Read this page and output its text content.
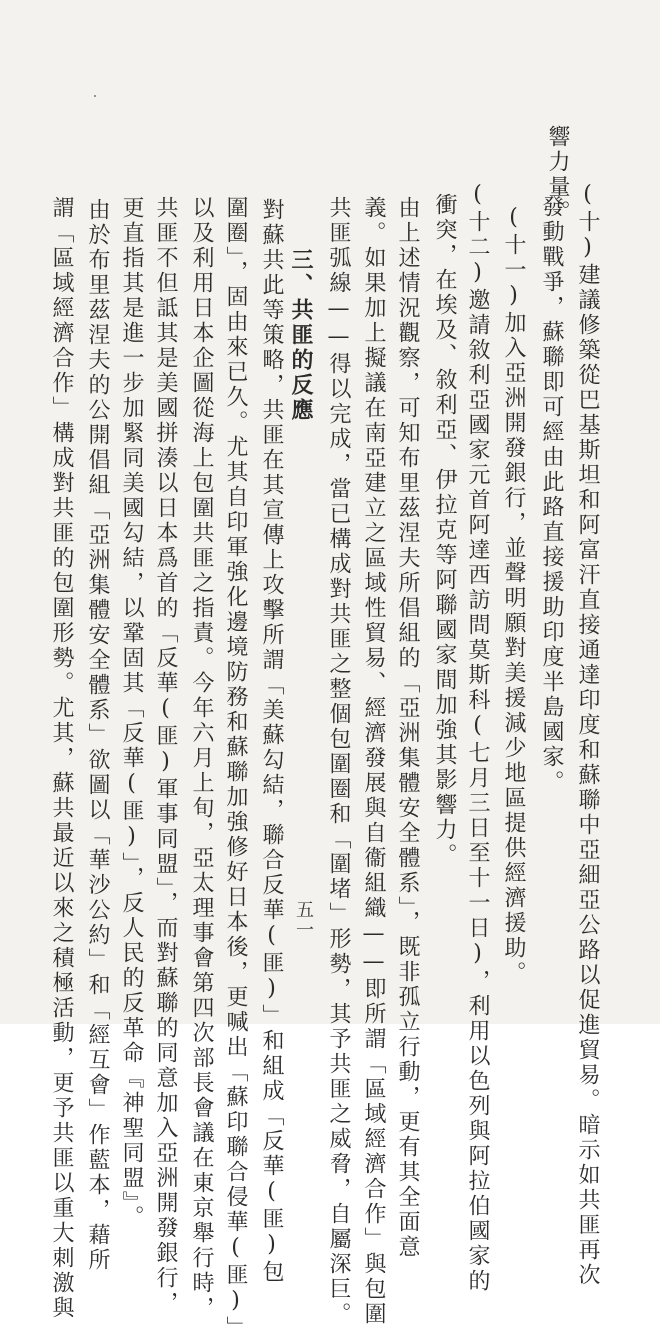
響力量。
(十)建議修築從巴基斯坦和阿富汗直接通達印度和蘇聯中亞細亞公路以促進貿易。暗示如共匪再次
發動戰爭，蘇聯即可經由此路直接援助印度半島國家。
(十一)加入亞洲開發銀行，並聲明願對美援減少地區提供經濟援助。
(十二)邀請敘利亞國家元首阿達西訪問莫斯科(七月三日至十一日)，利用以色列與阿拉伯國家的
衝突，在埃及、敘利亞、伊拉克等阿聯國家間加強其影響力。
由上述情況觀察，可知布里茲涅夫所倡組的「亞洲集體安全體系」，既非孤立行動，更有其全面意
義。如果加上擬議在南亞建立之區域性貿易、經濟發展與自衞組織——即所謂「區域經濟合作」與包圍
共匪弧線——得以完成，當已構成對共匪之整個包圍圈和「圍堵」形勢，其予共匪之威脅，自屬深巨。
三、共匪的反應
對蘇共此等策略，共匪在其宣傳上攻擊所謂「美蘇勾結，聯合反華(匪)」和組成「反華(匪)包
圍圈」，固由來已久。尤其自印軍強化邊境防務和蘇聯加強修好日本後，更喊出「蘇印聯合侵華(匪)」
以及利用日本企圖從海上包圍共匪之指責。今年六月上旬，亞太理事會第四次部長會議在東京舉行時，
共匪不但詆其是美國拼湊以日本爲首的「反華(匪)軍事同盟」，而對蘇聯的同意加入亞洲開發銀行，
更直指其是進一步加緊同美國勾結，以鞏固其「反華(匪)」，反人民的反革命『神聖同盟』。
由於布里茲涅夫的公開倡組「亞洲集體安全體系」欲圖以「華沙公約」和「經互會」作藍本，藉所
謂「區域經濟合作」構成對共匪的包圍形勢。尤其，蘇共最近以來之積極活動，更予共匪以重大刺激與	五一
